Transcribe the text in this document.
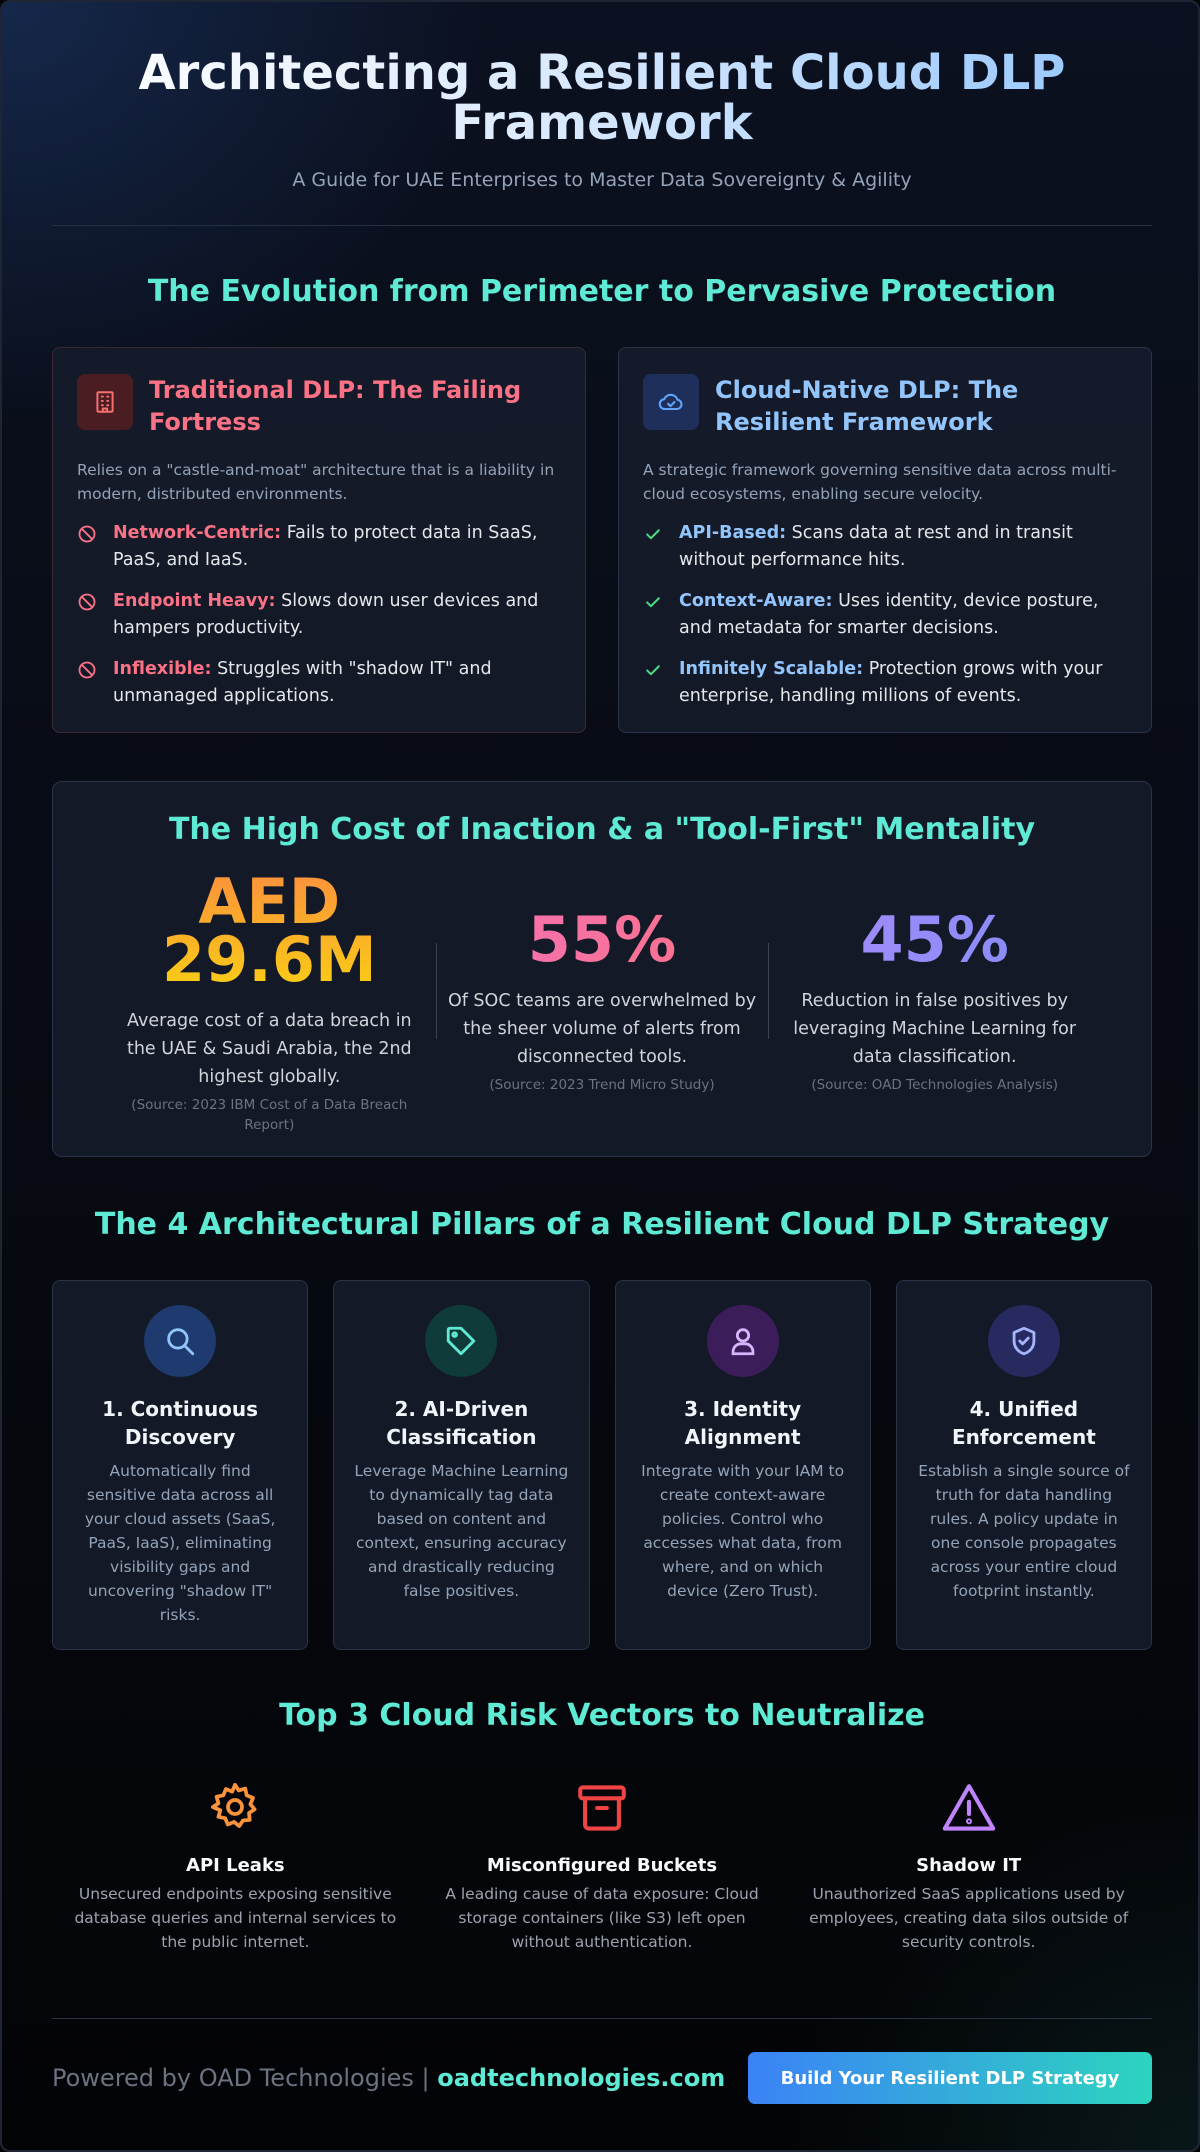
Architecting a Resilient Cloud DLP Framework

A Guide for UAE Enterprises to Master Data Sovereignty & Agility

The Evolution from Perimeter to Pervasive Protection
Traditional DLP: The Failing Fortress

Relies on a "castle-and-moat" architecture that is a liability in modern, distributed environments.

Network-Centric: Fails to protect data in SaaS, PaaS, and IaaS.
Endpoint Heavy: Slows down user devices and hampers productivity.
Inflexible: Struggles with "shadow IT" and unmanaged applications.
Cloud-Native DLP: The Resilient Framework

A strategic framework governing sensitive data across multi-cloud ecosystems, enabling secure velocity.

API-Based: Scans data at rest and in transit without performance hits.
Context-Aware: Uses identity, device posture, and metadata for smarter decisions.
Infinitely Scalable: Protection grows with your enterprise, handling millions of events.
The High Cost of Inaction & a "Tool-First" Mentality
AED
29.6M

Average cost of a data breach in the UAE & Saudi Arabia, the 2nd highest globally.

(Source: 2023 IBM Cost of a Data Breach Report)

55%

Of SOC teams are overwhelmed by the sheer volume of alerts from disconnected tools.

(Source: 2023 Trend Micro Study)

45%

Reduction in false positives by leveraging Machine Learning for data classification.

(Source: OAD Technologies Analysis)

The 4 Architectural Pillars of a Resilient Cloud DLP Strategy
1. Continuous Discovery

Automatically find sensitive data across all your cloud assets (SaaS, PaaS, IaaS), eliminating visibility gaps and uncovering "shadow IT" risks.

2. AI-Driven Classification

Leverage Machine Learning to dynamically tag data based on content and context, ensuring accuracy and drastically reducing false positives.

3. Identity Alignment

Integrate with your IAM to create context-aware policies. Control who accesses what data, from where, and on which device (Zero Trust).

4. Unified Enforcement

Establish a single source of truth for data handling rules. A policy update in one console propagates across your entire cloud footprint instantly.

Top 3 Cloud Risk Vectors to Neutralize
API Leaks

Unsecured endpoints exposing sensitive database queries and internal services to the public internet.

Misconfigured Buckets

A leading cause of data exposure: Cloud storage containers (like S3) left open without authentication.

Shadow IT

Unauthorized SaaS applications used by employees, creating data silos outside of security controls.

Powered by OAD Technologies | oadtechnologies.com	Build Your Resilient DLP Strategy
